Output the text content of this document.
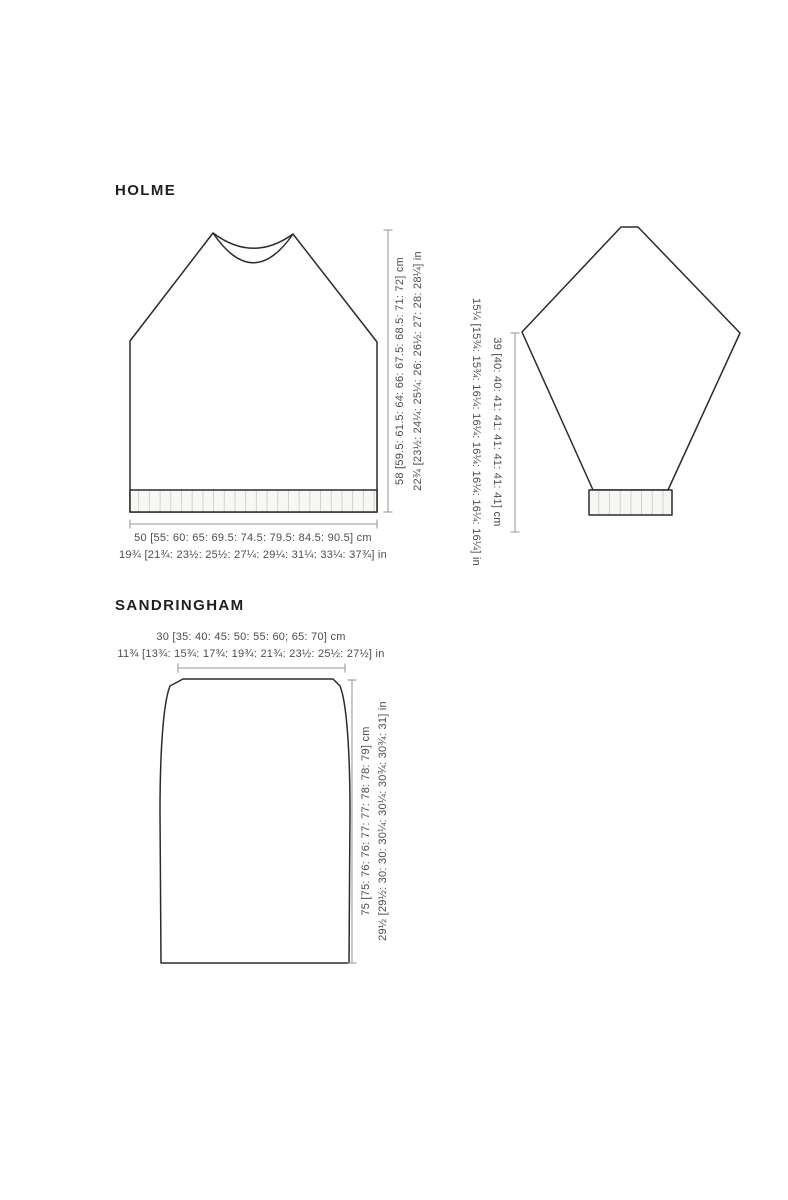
HOLME
58 [59.5: 61.5: 64: 66: 67.5: 68.5: 71: 72] cm 22¾ [23½: 24¼: 25¼: 26: 26½: 27: 28: 28¼] in
50 [55: 60: 65: 69.5: 74.5: 79.5: 84.5: 90.5] cm
19¾ [21¾: 23½: 25½: 27¼: 29¼: 31¼: 33¼: 37¾] in
39 [40: 40: 41: 41: 41: 41: 41: 41] cm
15¼ [15¾: 15¾: 16¼: 16¼: 16¼: 16¼: 16¼: 16¼] in
SANDRINGHAM
30 [35: 40: 45: 50: 55: 60; 65: 70] cm
11¾ [13¾: 15¾: 17¾: 19¾: 21¾: 23½: 25½: 27½] in
75 [75: 76: 76: 77: 77: 78: 78: 79] cm 29½ [29½: 30: 30: 30¼: 30¼: 30¾: 30¾: 31] in
